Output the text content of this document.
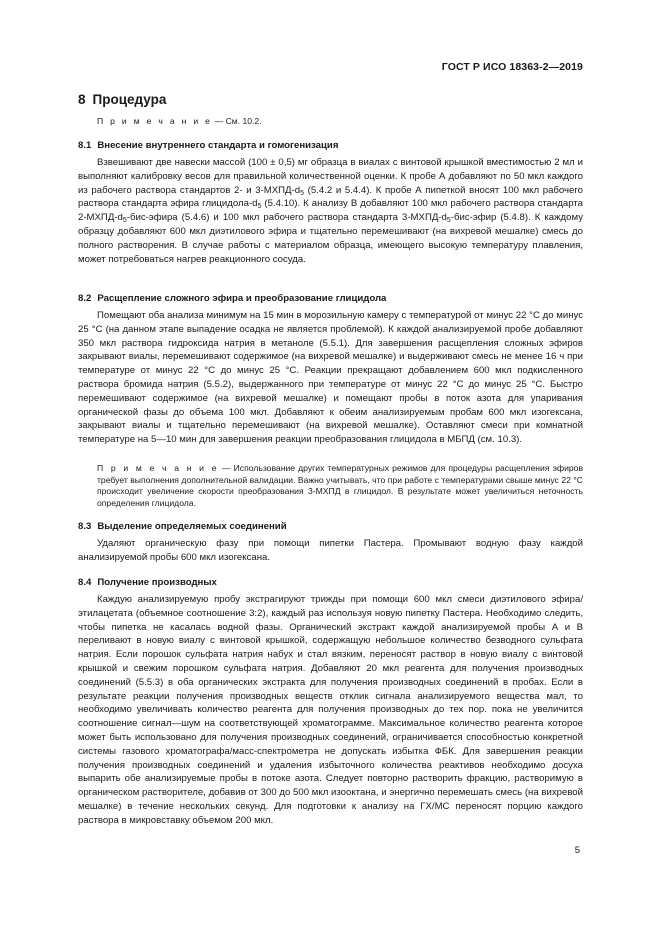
ГОСТ Р ИСО 18363-2—2019
8 Процедура
П р и м е ч а н и е — См. 10.2.
8.1 Внесение внутреннего стандарта и гомогенизация
Взвешивают две навески массой (100 ± 0,5) мг образца в виалах с винтовой крышкой вместимостью 2 мл и выполняют калибровку весов для правильной количественной оценки. К пробе А добавляют по 50 мкл каждого из рабочего раствора стандартов 2- и $3-МХПД-d_5$ (5.4.2 и 5.4.4). К пробе А пипеткой вносят 100 мкл рабочего раствора стандарта эфира глицидола-$d_5$ (5.4.10). К анализу В добавляют 100 мкл рабочего раствора стандарта $2-МХПД-d_5-бис$-эфира (5.4.6) и 100 мкл рабочего раствора стандарта $3-МХПД-d_5-бис$-эфир (5.4.8). К каждому образцу добавляют 600 мкл диэтилового эфира и тщательно перемешивают (на вихревой мешалке) смесь до полного растворения. В случае работы с материалом образца, имеющего высокую температуру плавления, может потребоваться нагрев реакционного сосуда.
8.2 Расщепление сложного эфира и преобразование глицидола
Помещают оба анализа минимум на 15 мин в морозильную камеру с температурой от минус 22 °С до минус 25 °С (на данном этапе выпадение осадка не является проблемой). К каждой анализируемой пробе добавляют 350 мкл раствора гидроксида натрия в метаноле (5.5.1). Для завершения расщепления сложных эфиров закрывают виалы, перемешивают содержимое (на вихревой мешалке) и выдерживают смесь не менее 16 ч при температуре от минус 22 °С до минус 25 °С. Реакции прекращают добавлением 600 мкл подкисленного раствора бромида натрия (5.5.2), выдержанного при температуре от минус 22 °С до минус 25 °С. Быстро перемешивают содержимое (на вихревой мешалке) и помещают пробы в поток азота для упаривания органической фазы до объема 100 мкл. Добавляют к обеим анализируемым пробам 600 мкл изогексана, закрывают виалы и тщательно перемешивают (на вихревой мешалке). Оставляют смеси при комнатной температуре на 5—10 мин для завершения реакции преобразования глицидола в МБПД (см. 10.3).
П р и м е ч а н и е — Использование других температурных режимов для процедуры расщепления эфиров требует выполнения дополнительной валидации. Важно учитывать, что при работе с температурами свыше минус 22 °С происходит увеличение скорости преобразования 3-МХПД в глицидол. В результате может увеличиться неточность определения глицидола.
8.3 Выделение определяемых соединений
Удаляют органическую фазу при помощи пипетки Пастера. Промывают водную фазу каждой анализируемой пробы 600 мкл изогексана.
8.4 Получение производных
Каждую анализируемую пробу экстрагируют трижды при помощи 600 мкл смеси диэтилового эфира/этилацетата (объемное соотношение 3:2), каждый раз используя новую пипетку Пастера. Необходимо следить, чтобы пипетка не касалась водной фазы. Органический экстракт каждой анализируемой пробы А и В переливают в новую виалу с винтовой крышкой, содержащую небольшое количество безводного сульфата натрия. Если порошок сульфата натрия набух и стал вязким, переносят раствор в новую виалу с винтовой крышкой и свежим порошком сульфата натрия. Добавляют 20 мкл реагента для получения производных соединений (5.5.3) в оба органических экстракта для получения производных соединений в пробах. Если в результате реакции получения производных веществ отклик сигнала анализируемого вещества мал, то необходимо увеличивать количество реагента для получения производных до тех пор. пока не увеличится соотношение сигнал—шум на соответствующей хроматограмме. Максимальное количество реагента которое может быть использовано для получения производных соединений, ограничивается способностью конкретной системы газового хроматографа/масс-спектрометра не допускать избытка ФБК. Для завершения реакции получения производных соединений и удаления избыточного количества реактивов необходимо досуха выпарить обе анализируемые пробы в потоке азота. Следует повторно растворить фракцию, растворимую в органическом растворителе, добавив от 300 до 500 мкл изооктана, и энергично перемешать смесь (на вихревой мешалке) в течение нескольких секунд. Для подготовки к анализу на ГХ/МС переносят порцию каждого раствора в микровставку объемом 200 мкл.
5
